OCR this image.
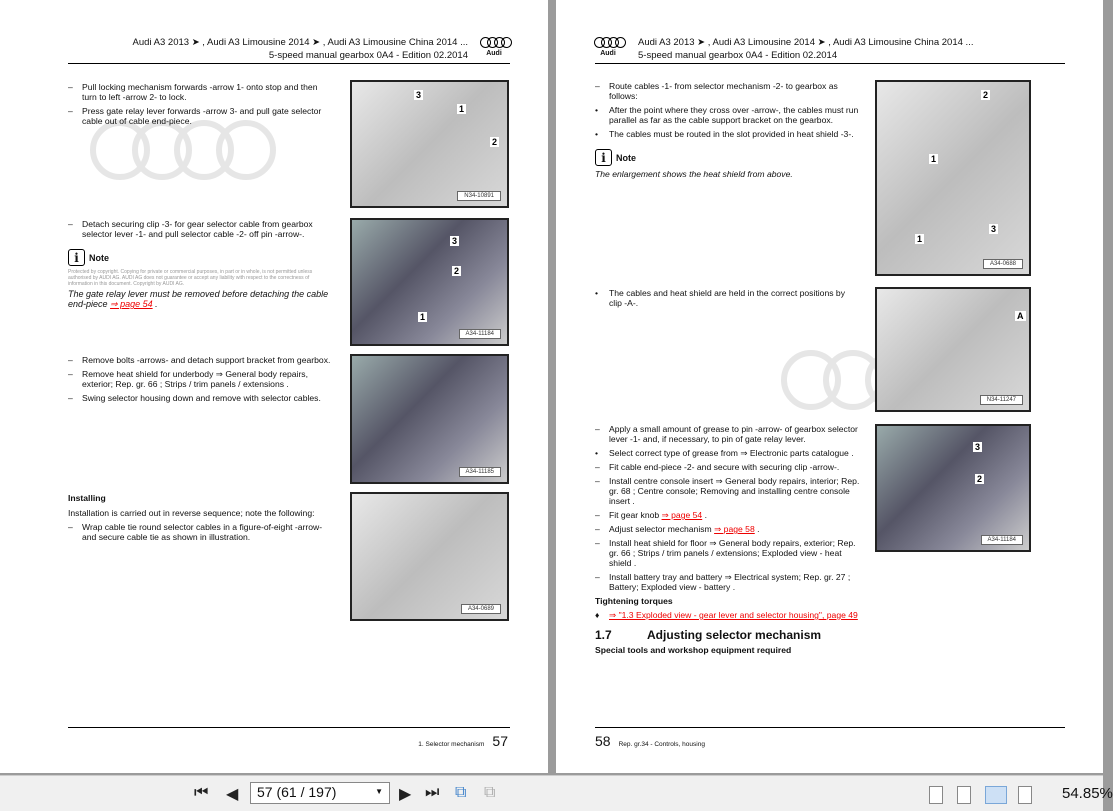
Audi A3 2013 ➤ , Audi A3 Limousine 2014 ➤ , Audi A3 Limousine China 2014 ...
5-speed manual gearbox 0A4 - Edition 02.2014	Audi
– Pull locking mechanism forwards -arrow 1- onto stop and then turn to left -arrow 2- to lock.
– Press gate relay lever forwards -arrow 3- and pull gate selector cable out of cable end-piece.
– Detach securing clip -3- for gear selector cable from gearbox selector lever -1- and pull selector cable -2- off pin -arrow-.
i	Note
Protected by copyright. Copying for private or commercial purposes, in part or in whole, is not permitted unless authorised by AUDI AG. AUDI AG does not guarantee or accept any liability with respect to the correctness of information in this document. Copyright by AUDI AG.
The gate relay lever must be removed before detaching the cable end-piece ⇒ page 54 .
– Remove bolts -arrows- and detach support bracket from gearbox.
– Remove heat shield for underbody ⇒ General body repairs, exterior; Rep. gr. 66 ; Strips / trim panels / extensions .
– Swing selector housing down and remove with selector cables.
Installing
Installation is carried out in reverse sequence; note the following:
– Wrap cable tie round selector cables in a figure-of-eight -arrow- and secure cable tie as shown in illustration.
3
1
2
N34-10891
3
2
1
A34-11184
A34-11185
A34-0689
1. Selector mechanism 57
Audi
Audi A3 2013 ➤ , Audi A3 Limousine 2014 ➤ , Audi A3 Limousine China 2014 ...
5-speed manual gearbox 0A4 - Edition 02.2014
– Route cables -1- from selector mechanism -2- to gearbox as follows:
• After the point where they cross over -arrow-, the cables must run parallel as far as the cable support bracket on the gearbox.
• The cables must be routed in the slot provided in heat shield -3-.
i	Note
The enlargement shows the heat shield from above.
• The cables and heat shield are held in the correct positions by clip -A-.
– Apply a small amount of grease to pin -arrow- of gearbox selector lever -1- and, if necessary, to pin of gate relay lever.
• Select correct type of grease from ⇒ Electronic parts catalogue .
– Fit cable end-piece -2- and secure with securing clip -arrow-.
– Install centre console insert ⇒ General body repairs, interior; Rep. gr. 68 ; Centre console; Removing and installing centre console insert .
– Fit gear knob ⇒ page 54 .
– Adjust selector mechanism ⇒ page 58 .
– Install heat shield for floor ⇒ General body repairs, exterior; Rep. gr. 66 ; Strips / trim panels / extensions; Exploded view - heat shield .
– Install battery tray and battery ⇒ Electrical system; Rep. gr. 27 ; Battery; Exploded view - battery .
Tightening torques
♦ ⇒ "1.3 Exploded view - gear lever and selector housing", page 49
1.7	Adjusting selector mechanism
Special tools and workshop equipment required
2
1
1
3
A34-0688
A
N34-11247
3
2
A34-11184
58 Rep. gr.34 - Controls, housing
⏮ ◀	57 (61 / 197)	▼ ▶ ⏭ ⧉ ⧉	54.85%
